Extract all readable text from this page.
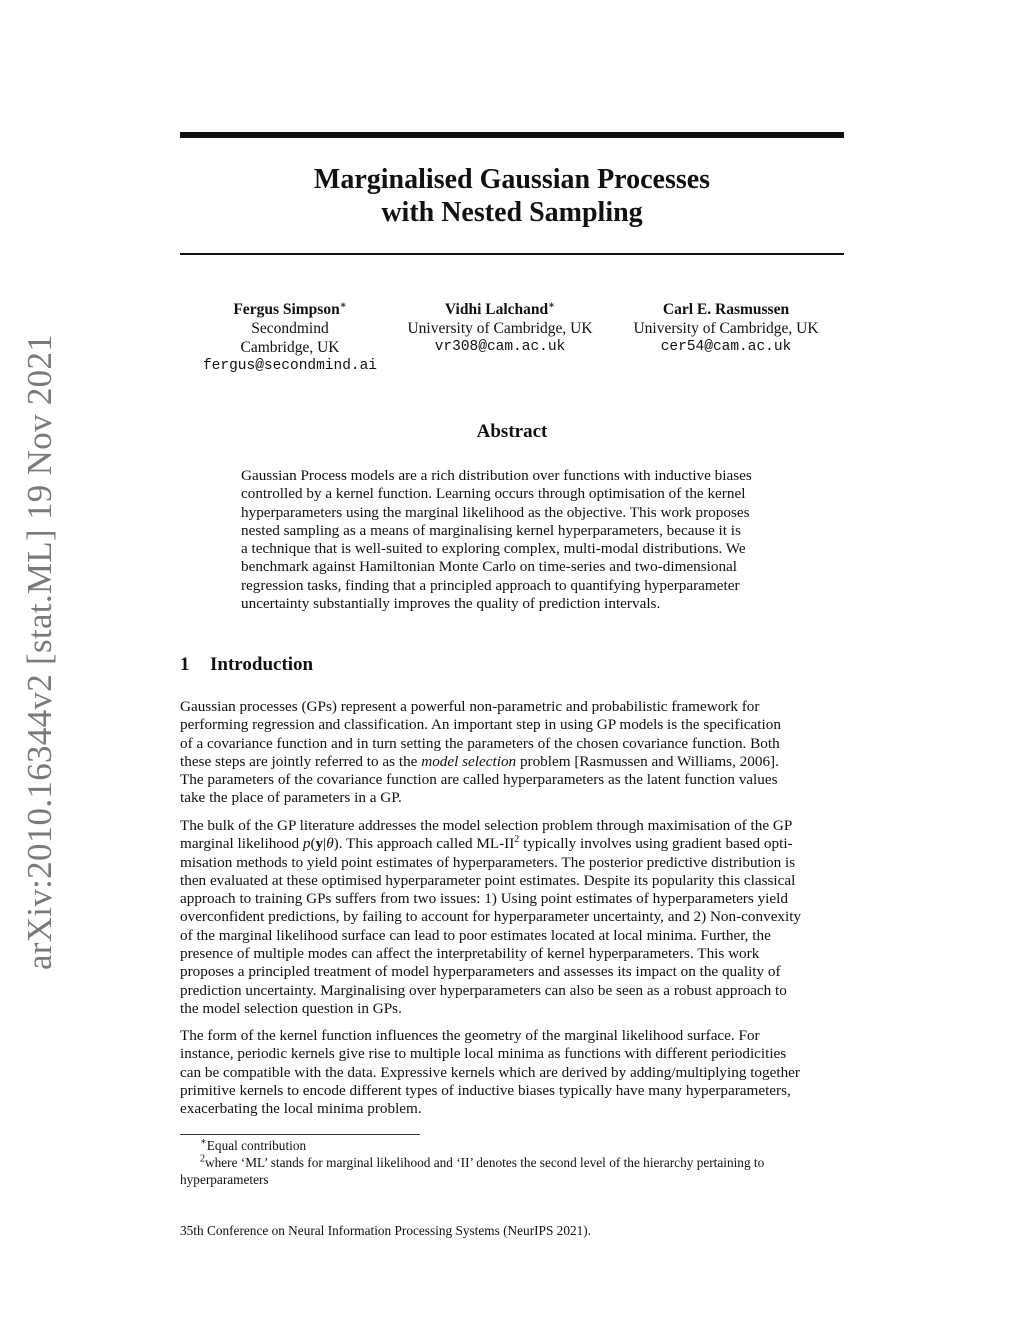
arXiv:2010.16344v2 [stat.ML] 19 Nov 2021
Marginalised Gaussian Processes
with Nested Sampling
Fergus Simpson∗
Secondmind
Cambridge, UK
fergus@secondmind.ai
Vidhi Lalchand∗
University of Cambridge, UK
vr308@cam.ac.uk
Carl E. Rasmussen
University of Cambridge, UK
cer54@cam.ac.uk
Abstract
Gaussian Process models are a rich distribution over functions with inductive biases
controlled by a kernel function. Learning occurs through optimisation of the kernel
hyperparameters using the marginal likelihood as the objective. This work proposes
nested sampling as a means of marginalising kernel hyperparameters, because it is
a technique that is well-suited to exploring complex, multi-modal distributions. We
benchmark against Hamiltonian Monte Carlo on time-series and two-dimensional
regression tasks, finding that a principled approach to quantifying hyperparameter
uncertainty substantially improves the quality of prediction intervals.
1 Introduction
Gaussian processes (GPs) represent a powerful non-parametric and probabilistic framework for
performing regression and classification. An important step in using GP models is the specification
of a covariance function and in turn setting the parameters of the chosen covariance function. Both
these steps are jointly referred to as the model selection problem [Rasmussen and Williams, 2006].
The parameters of the covariance function are called hyperparameters as the latent function values
take the place of parameters in a GP.
The bulk of the GP literature addresses the model selection problem through maximisation of the GP
marginal likelihood p(y|θ). This approach called $ML-II^2$ typically involves using gradient based opti-
misation methods to yield point estimates of hyperparameters. The posterior predictive distribution is
then evaluated at these optimised hyperparameter point estimates. Despite its popularity this classical
approach to training GPs suffers from two issues: 1) Using point estimates of hyperparameters yield
overconfident predictions, by failing to account for hyperparameter uncertainty, and 2) Non-convexity
of the marginal likelihood surface can lead to poor estimates located at local minima. Further, the
presence of multiple modes can affect the interpretability of kernel hyperparameters. This work
proposes a principled treatment of model hyperparameters and assesses its impact on the quality of
prediction uncertainty. Marginalising over hyperparameters can also be seen as a robust approach to
the model selection question in GPs.
The form of the kernel function influences the geometry of the marginal likelihood surface. For
instance, periodic kernels give rise to multiple local minima as functions with different periodicities
can be compatible with the data. Expressive kernels which are derived by adding/multiplying together
primitive kernels to encode different types of inductive biases typically have many hyperparameters,
exacerbating the local minima problem.
∗Equal contribution
$^2$where ‘ML’ stands for marginal likelihood and ‘II’ denotes the second level of the hierarchy pertaining to
hyperparameters
35th Conference on Neural Information Processing Systems (NeurIPS 2021).
